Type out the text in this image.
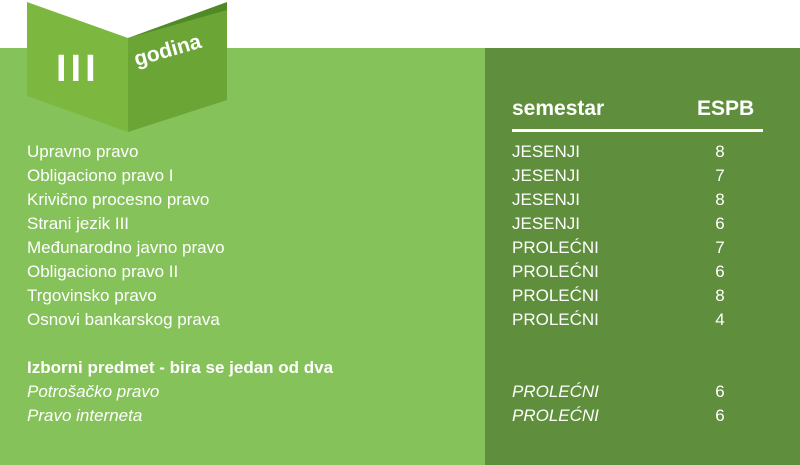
III godina
semestar	ESPB
Upravno pravo	JESENJI	8
Obligaciono pravo I	JESENJI	7
Krivično procesno pravo	JESENJI	8
Strani jezik III	JESENJI	6
Međunarodno javno pravo	PROLEĆNI	7
Obligaciono pravo II	PROLEĆNI	6
Trgovinsko pravo	PROLEĆNI	8
Osnovi bankarskog prava	PROLEĆNI	4
Izborni predmet - bira se jedan od dva
Potrošačko pravo	PROLEĆNI	6
Pravo interneta	PROLEĆNI	6
